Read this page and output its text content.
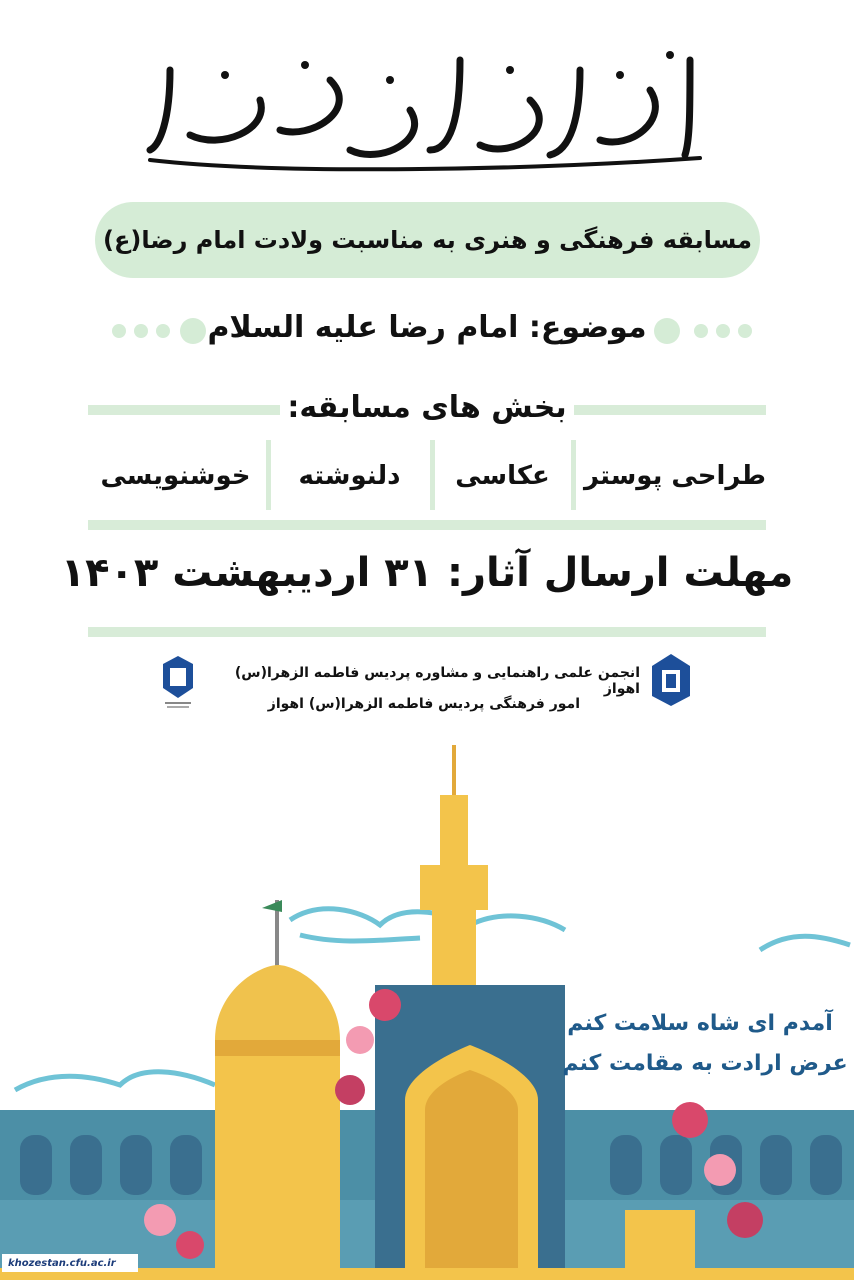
مسابقه فرهنگی و هنری به مناسبت ولادت امام رضا(ع)
موضوع: امام رضا علیه السلام
بخش های مسابقه:
طراحی پوستر
عکاسی
دلنوشته
خوشنویسی
مهلت ارسال آثار: ۳۱ اردیبهشت ۱۴۰۳
انجمن علمی راهنمایی و مشاوره پردیس فاطمه الزهرا(س) اهواز
امور فرهنگی پردیس فاطمه الزهرا(س) اهواز
آمدم ای شاه سلامت کنم
عرض ارادت به مقامت کنم
khozestan.cfu.ac.ir
